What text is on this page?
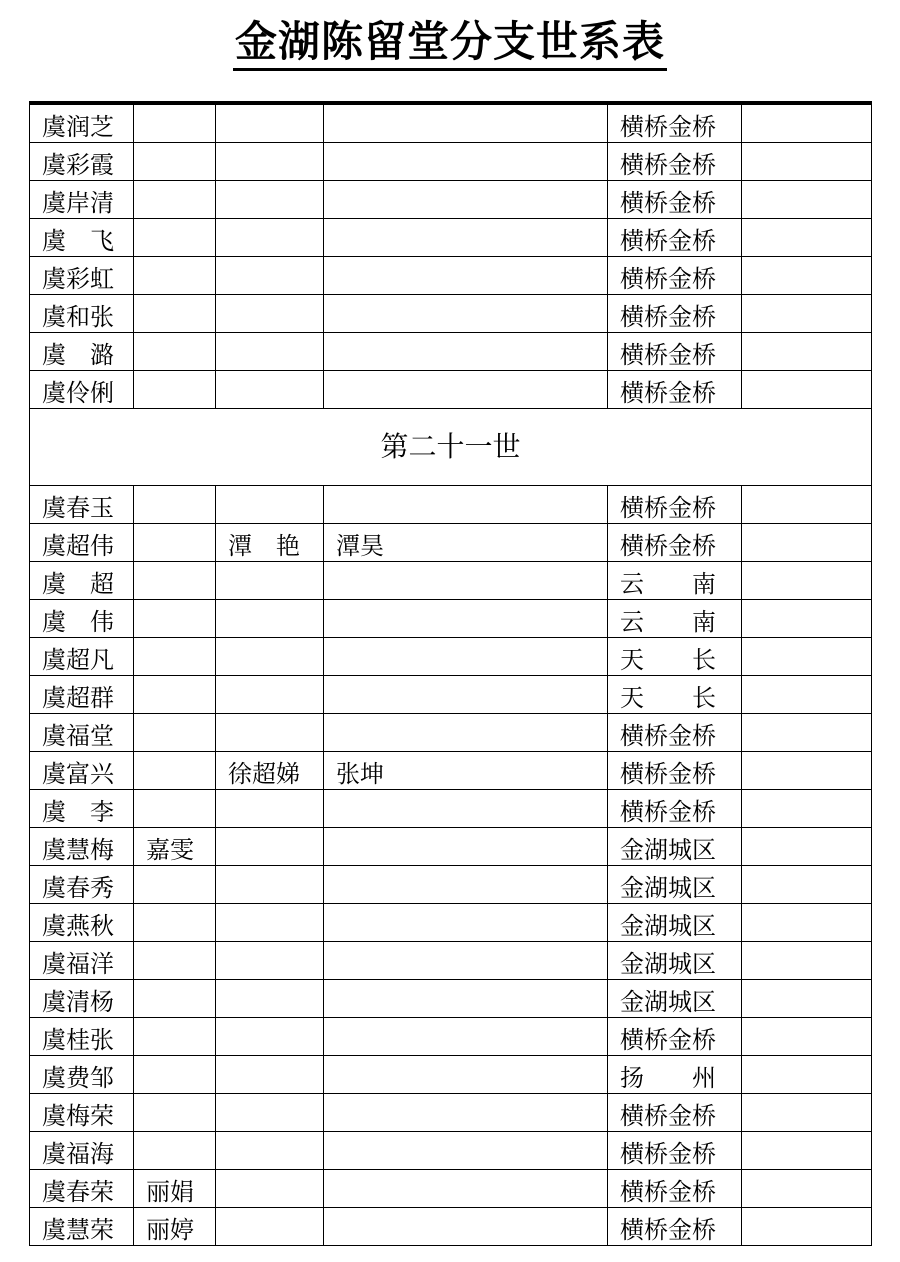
金湖陈留堂分支世系表
虞润芝				横桥金桥	
虞彩霞				横桥金桥	
虞岸清				横桥金桥	
虞　飞				横桥金桥	
虞彩虹				横桥金桥	
虞和张				横桥金桥	
虞　潞				横桥金桥	
虞伶俐				横桥金桥	
第二十一世					
虞春玉				横桥金桥	
虞超伟		潭　艳	潭昊	横桥金桥	
虞　超				云　　南	
虞　伟				云　　南	
虞超凡				天　　长	
虞超群				天　　长	
虞福堂				横桥金桥	
虞富兴		徐超娣	张坤	横桥金桥	
虞　李				横桥金桥	
虞慧梅	嘉雯			金湖城区	
虞春秀				金湖城区	
虞燕秋				金湖城区	
虞福洋				金湖城区	
虞清杨				金湖城区	
虞桂张				横桥金桥	
虞费邹				扬　　州	
虞梅荣				横桥金桥	
虞福海				横桥金桥	
虞春荣	丽娟			横桥金桥	
虞慧荣	丽婷			横桥金桥	
